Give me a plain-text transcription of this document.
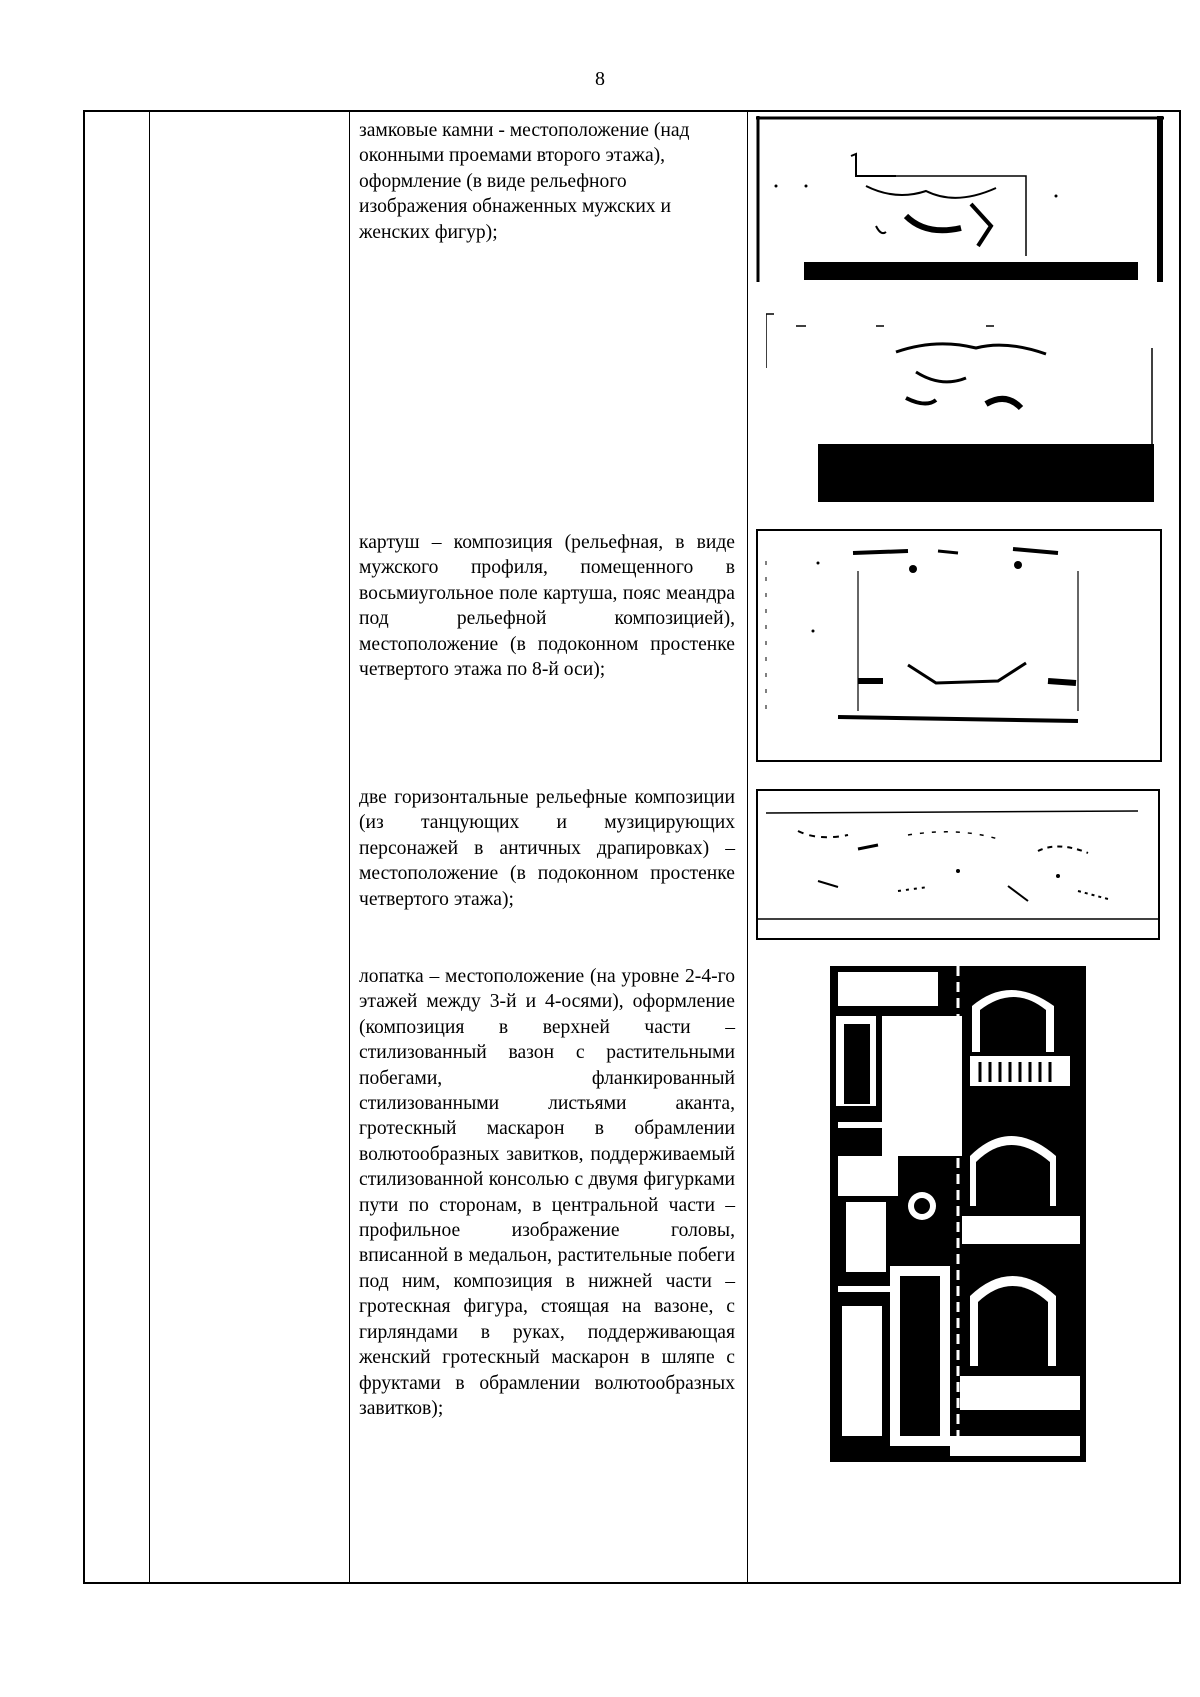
8
замковые камни - местоположение (над оконными проемами второго этажа), оформление (в виде рельефного изображения обнаженных мужских и женских фигур);
картуш – композиция (рельефная, в виде мужского профиля, помещенного в восьмиугольное поле картуша, пояс меандра под рельефной композицией), местоположение (в подоконном простенке четвертого этажа по 8-й оси);
две горизонтальные рельефные композиции (из танцующих и музицирующих персонажей в античных драпировках) – местоположение (в подоконном простенке четвертого этажа);
лопатка – местоположение (на уровне 2-4-го этажей между 3-й и 4-осями), оформление (композиция в верхней части – стилизованный вазон с растительными побегами, фланкированный стилизованными листьями аканта, гротескный маскарон в обрамлении волютообразных завитков, поддерживаемый стилизованной консолью с двумя фигурками пути по сторонам, в центральной части – профильное изображение головы, вписанной в медальон, растительные побеги под ним, композиция в нижней части – гротескная фигура, стоящая на вазоне, с гирляндами в руках, поддерживающая женский гротескный маскарон в шляпе с фруктами в обрамлении волютообразных завитков);
